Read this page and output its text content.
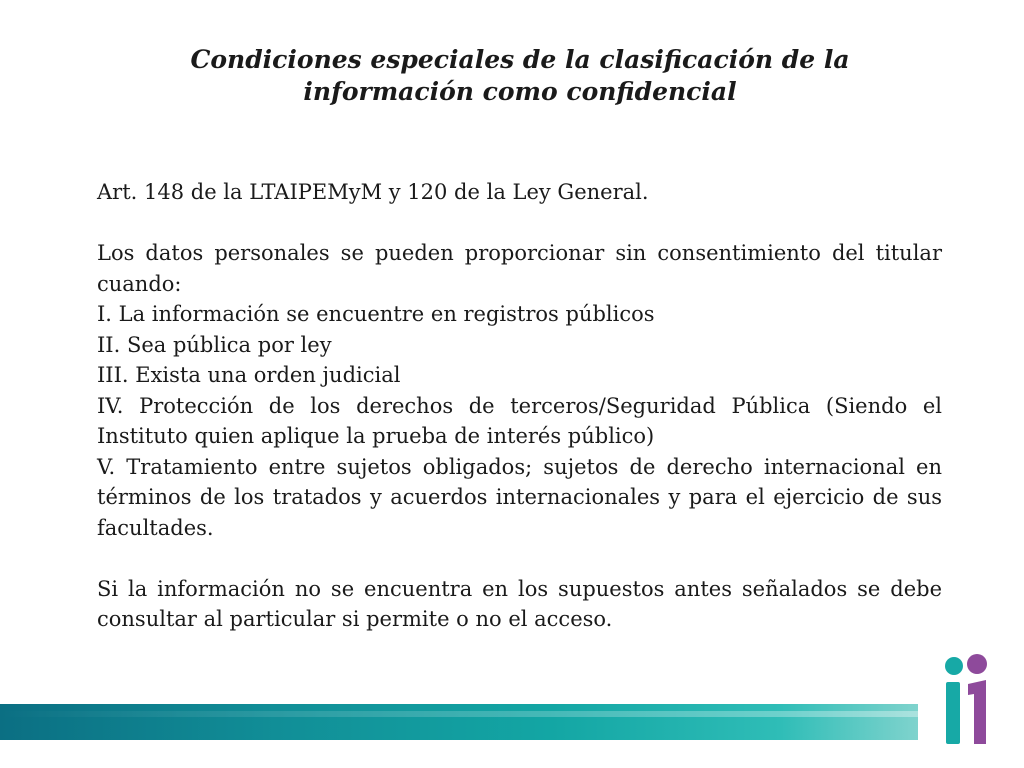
Condiciones especiales de la clasificación de la
información como confidencial

Art. 148 de la LTAIPEMyM y 120 de la Ley General.

Los datos personales se pueden proporcionar sin consentimiento del titular cuando:

I. La información se encuentre en registros públicos

II. Sea pública por ley

III. Exista una orden judicial

IV. Protección de los derechos de terceros/Seguridad Pública (Siendo el Instituto quien aplique la prueba de interés público)

V. Tratamiento entre sujetos obligados; sujetos de derecho internacional en términos de los tratados y acuerdos internacionales y para el ejercicio de sus facultades.

Si la información no se encuentra en los supuestos antes señalados se debe consultar al particular si permite o no el acceso.
